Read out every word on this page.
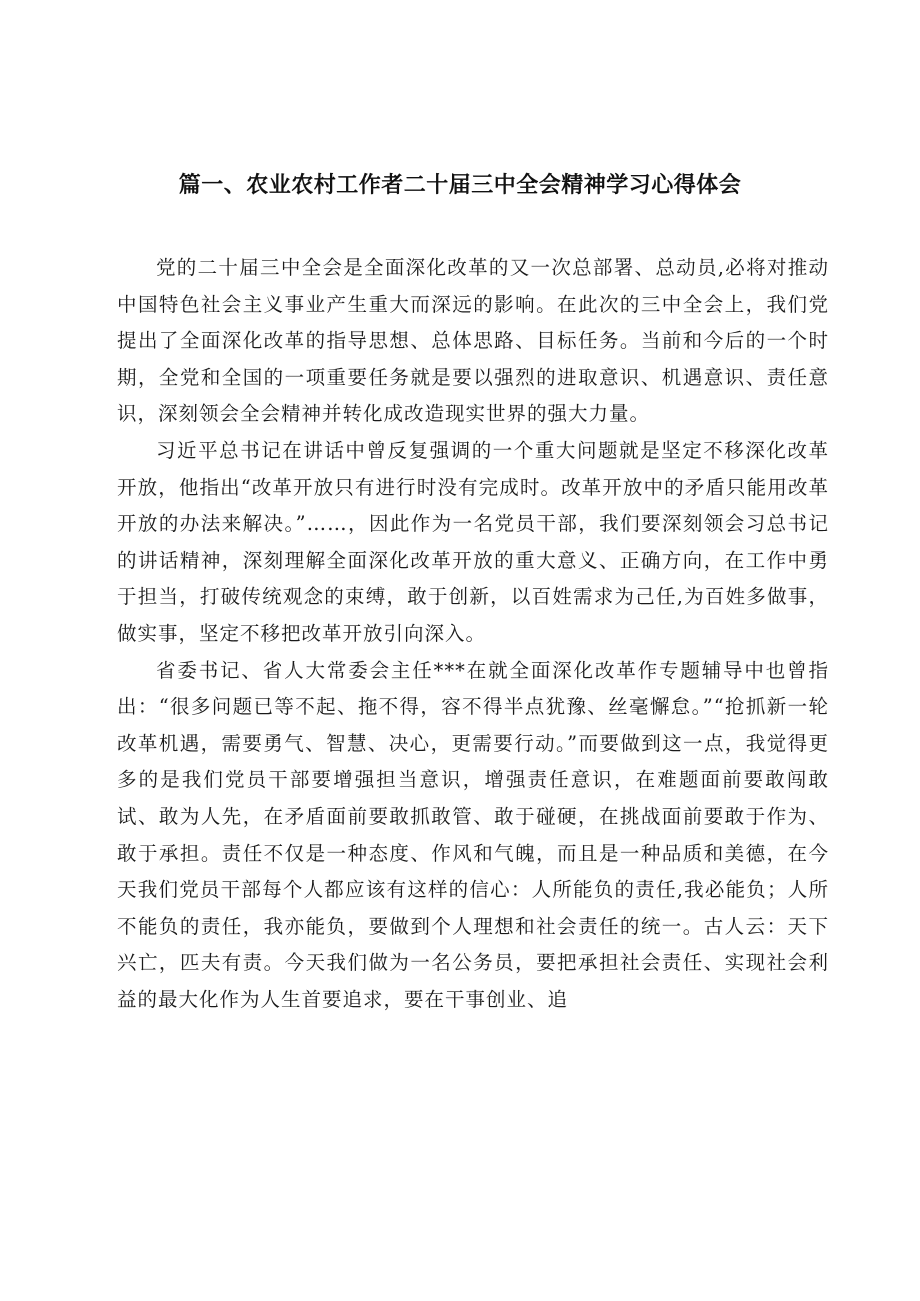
篇一、农业农村工作者二十届三中全会精神学习心得体会

党的二十届三中全会是全面深化改革的又一次总部署、总动员,必将对推动中国特色社会主义事业产生重大而深远的影响。在此次的三中全会上，我们党提出了全面深化改革的指导思想、总体思路、目标任务。当前和今后的一个时期，全党和全国的一项重要任务就是要以强烈的进取意识、机遇意识、责任意识，深刻领会全会精神并转化成改造现实世界的强大力量。

习近平总书记在讲话中曾反复强调的一个重大问题就是坚定不移深化改革开放，他指出“改革开放只有进行时没有完成时。改革开放中的矛盾只能用改革开放的办法来解决。”……，因此作为一名党员干部，我们要深刻领会习总书记的讲话精神，深刻理解全面深化改革开放的重大意义、正确方向，在工作中勇于担当，打破传统观念的束缚，敢于创新，以百姓需求为己任,为百姓多做事，做实事，坚定不移把改革开放引向深入。

省委书记、省人大常委会主任***在就全面深化改革作专题辅导中也曾指出：“很多问题已等不起、拖不得，容不得半点犹豫、丝毫懈怠。”“抢抓新一轮改革机遇，需要勇气、智慧、决心，更需要行动。”而要做到这一点，我觉得更多的是我们党员干部要增强担当意识，增强责任意识，在难题面前要敢闯敢试、敢为人先，在矛盾面前要敢抓敢管、敢于碰硬，在挑战面前要敢于作为、敢于承担。责任不仅是一种态度、作风和气魄，而且是一种品质和美德，在今天我们党员干部每个人都应该有这样的信心：人所能负的责任,我必能负；人所不能负的责任，我亦能负，要做到个人理想和社会责任的统一。古人云：天下兴亡，匹夫有责。今天我们做为一名公务员，要把承担社会责任、实现社会利益的最大化作为人生首要追求，要在干事创业、追
